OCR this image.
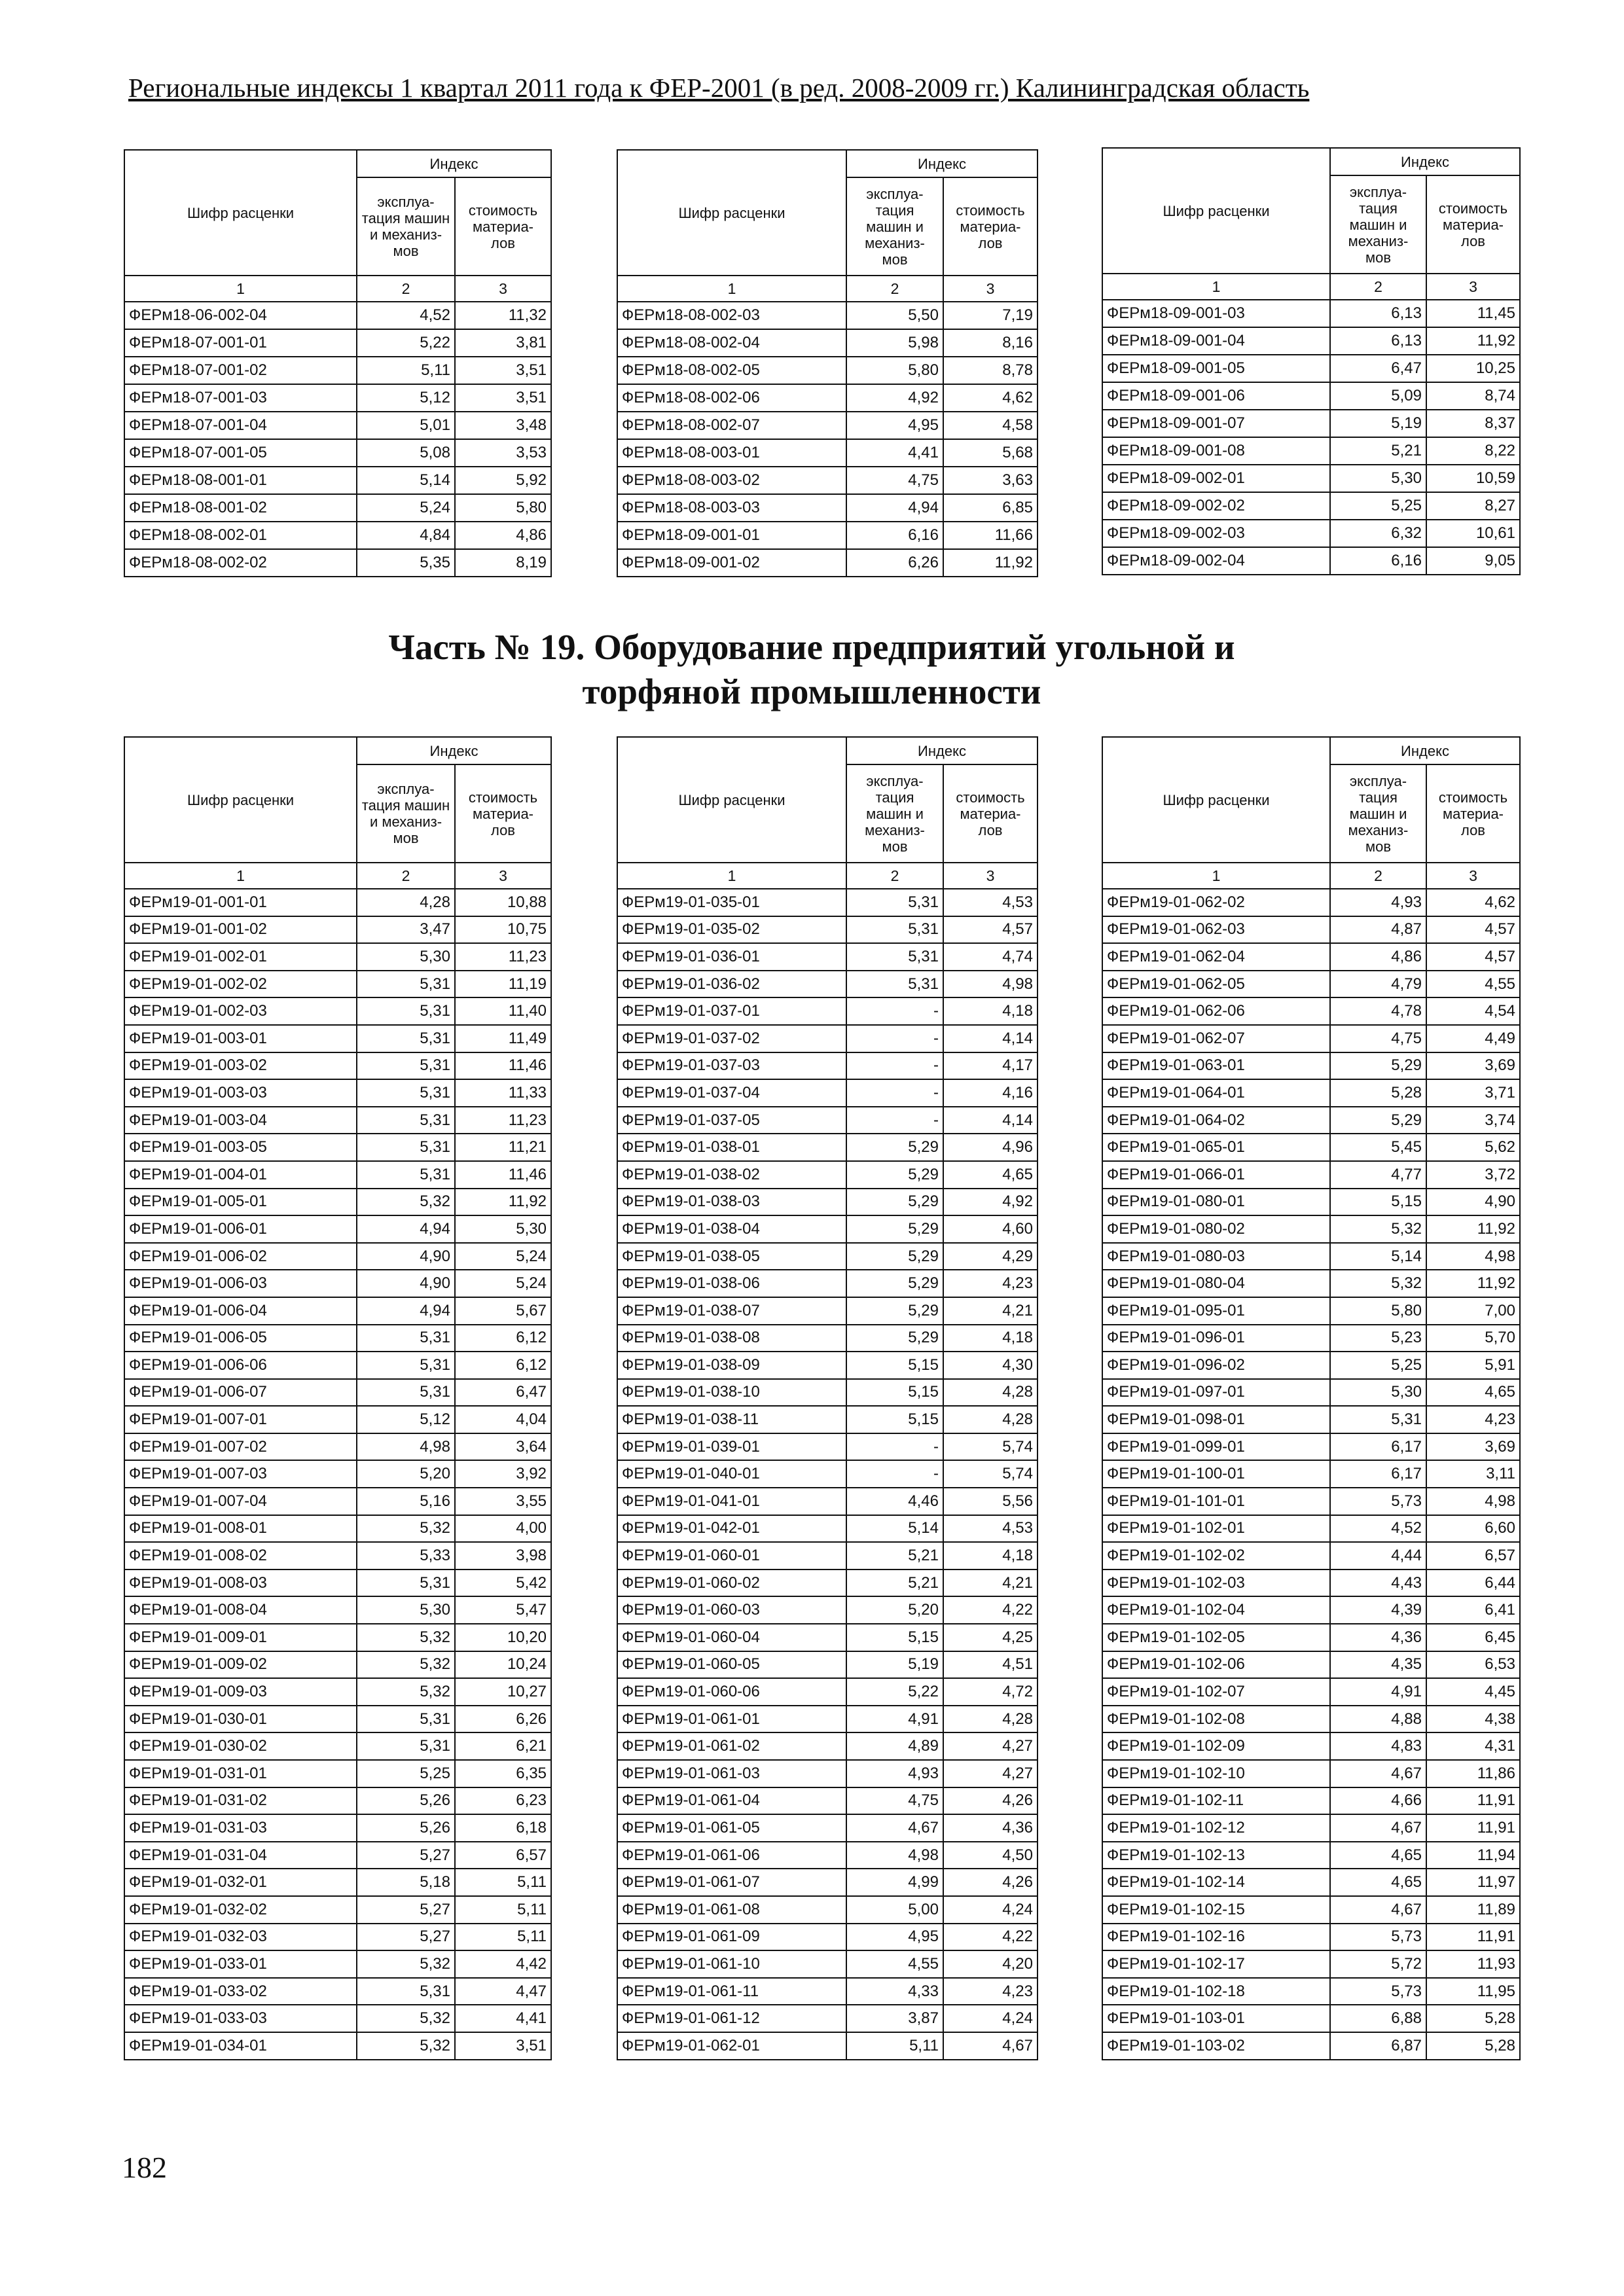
Региональные индексы 1 квартал 2011 года к ФЕР-2001 (в ред. 2008-2009 гг.) Калининградская область
Шифр расценки	Индекс	
	эксплуа- тация машин и механиз- мов	стоимость материа- лов
1	2	3
ФЕРм18-06-002-04	4,52	11,32
ФЕРм18-07-001-01	5,22	3,81
ФЕРм18-07-001-02	5,11	3,51
ФЕРм18-07-001-03	5,12	3,51
ФЕРм18-07-001-04	5,01	3,48
ФЕРм18-07-001-05	5,08	3,53
ФЕРм18-08-001-01	5,14	5,92
ФЕРм18-08-001-02	5,24	5,80
ФЕРм18-08-002-01	4,84	4,86
ФЕРм18-08-002-02	5,35	8,19
Шифр расценки	Индекс	
	эксплуа- тация машин и механиз- мов	стоимость материа- лов
1	2	3
ФЕРм18-08-002-03	5,50	7,19
ФЕРм18-08-002-04	5,98	8,16
ФЕРм18-08-002-05	5,80	8,78
ФЕРм18-08-002-06	4,92	4,62
ФЕРм18-08-002-07	4,95	4,58
ФЕРм18-08-003-01	4,41	5,68
ФЕРм18-08-003-02	4,75	3,63
ФЕРм18-08-003-03	4,94	6,85
ФЕРм18-09-001-01	6,16	11,66
ФЕРм18-09-001-02	6,26	11,92
Шифр расценки	Индекс	
	эксплуа- тация машин и механиз- мов	стоимость материа- лов
1	2	3
ФЕРм18-09-001-03	6,13	11,45
ФЕРм18-09-001-04	6,13	11,92
ФЕРм18-09-001-05	6,47	10,25
ФЕРм18-09-001-06	5,09	8,74
ФЕРм18-09-001-07	5,19	8,37
ФЕРм18-09-001-08	5,21	8,22
ФЕРм18-09-002-01	5,30	10,59
ФЕРм18-09-002-02	5,25	8,27
ФЕРм18-09-002-03	6,32	10,61
ФЕРм18-09-002-04	6,16	9,05
Часть № 19. Оборудование предприятий угольной и
торфяной промышленности
Шифр расценки	Индекс	
	эксплуа- тация машин и механиз- мов	стоимость материа- лов
1	2	3
ФЕРм19-01-001-01	4,28	10,88
ФЕРм19-01-001-02	3,47	10,75
ФЕРм19-01-002-01	5,30	11,23
ФЕРм19-01-002-02	5,31	11,19
ФЕРм19-01-002-03	5,31	11,40
ФЕРм19-01-003-01	5,31	11,49
ФЕРм19-01-003-02	5,31	11,46
ФЕРм19-01-003-03	5,31	11,33
ФЕРм19-01-003-04	5,31	11,23
ФЕРм19-01-003-05	5,31	11,21
ФЕРм19-01-004-01	5,31	11,46
ФЕРм19-01-005-01	5,32	11,92
ФЕРм19-01-006-01	4,94	5,30
ФЕРм19-01-006-02	4,90	5,24
ФЕРм19-01-006-03	4,90	5,24
ФЕРм19-01-006-04	4,94	5,67
ФЕРм19-01-006-05	5,31	6,12
ФЕРм19-01-006-06	5,31	6,12
ФЕРм19-01-006-07	5,31	6,47
ФЕРм19-01-007-01	5,12	4,04
ФЕРм19-01-007-02	4,98	3,64
ФЕРм19-01-007-03	5,20	3,92
ФЕРм19-01-007-04	5,16	3,55
ФЕРм19-01-008-01	5,32	4,00
ФЕРм19-01-008-02	5,33	3,98
ФЕРм19-01-008-03	5,31	5,42
ФЕРм19-01-008-04	5,30	5,47
ФЕРм19-01-009-01	5,32	10,20
ФЕРм19-01-009-02	5,32	10,24
ФЕРм19-01-009-03	5,32	10,27
ФЕРм19-01-030-01	5,31	6,26
ФЕРм19-01-030-02	5,31	6,21
ФЕРм19-01-031-01	5,25	6,35
ФЕРм19-01-031-02	5,26	6,23
ФЕРм19-01-031-03	5,26	6,18
ФЕРм19-01-031-04	5,27	6,57
ФЕРм19-01-032-01	5,18	5,11
ФЕРм19-01-032-02	5,27	5,11
ФЕРм19-01-032-03	5,27	5,11
ФЕРм19-01-033-01	5,32	4,42
ФЕРм19-01-033-02	5,31	4,47
ФЕРм19-01-033-03	5,32	4,41
ФЕРм19-01-034-01	5,32	3,51
Шифр расценки	Индекс	
	эксплуа- тация машин и механиз- мов	стоимость материа- лов
1	2	3
ФЕРм19-01-035-01	5,31	4,53
ФЕРм19-01-035-02	5,31	4,57
ФЕРм19-01-036-01	5,31	4,74
ФЕРм19-01-036-02	5,31	4,98
ФЕРм19-01-037-01	-	4,18
ФЕРм19-01-037-02	-	4,14
ФЕРм19-01-037-03	-	4,17
ФЕРм19-01-037-04	-	4,16
ФЕРм19-01-037-05	-	4,14
ФЕРм19-01-038-01	5,29	4,96
ФЕРм19-01-038-02	5,29	4,65
ФЕРм19-01-038-03	5,29	4,92
ФЕРм19-01-038-04	5,29	4,60
ФЕРм19-01-038-05	5,29	4,29
ФЕРм19-01-038-06	5,29	4,23
ФЕРм19-01-038-07	5,29	4,21
ФЕРм19-01-038-08	5,29	4,18
ФЕРм19-01-038-09	5,15	4,30
ФЕРм19-01-038-10	5,15	4,28
ФЕРм19-01-038-11	5,15	4,28
ФЕРм19-01-039-01	-	5,74
ФЕРм19-01-040-01	-	5,74
ФЕРм19-01-041-01	4,46	5,56
ФЕРм19-01-042-01	5,14	4,53
ФЕРм19-01-060-01	5,21	4,18
ФЕРм19-01-060-02	5,21	4,21
ФЕРм19-01-060-03	5,20	4,22
ФЕРм19-01-060-04	5,15	4,25
ФЕРм19-01-060-05	5,19	4,51
ФЕРм19-01-060-06	5,22	4,72
ФЕРм19-01-061-01	4,91	4,28
ФЕРм19-01-061-02	4,89	4,27
ФЕРм19-01-061-03	4,93	4,27
ФЕРм19-01-061-04	4,75	4,26
ФЕРм19-01-061-05	4,67	4,36
ФЕРм19-01-061-06	4,98	4,50
ФЕРм19-01-061-07	4,99	4,26
ФЕРм19-01-061-08	5,00	4,24
ФЕРм19-01-061-09	4,95	4,22
ФЕРм19-01-061-10	4,55	4,20
ФЕРм19-01-061-11	4,33	4,23
ФЕРм19-01-061-12	3,87	4,24
ФЕРм19-01-062-01	5,11	4,67
Шифр расценки	Индекс	
	эксплуа- тация машин и механиз- мов	стоимость материа- лов
1	2	3
ФЕРм19-01-062-02	4,93	4,62
ФЕРм19-01-062-03	4,87	4,57
ФЕРм19-01-062-04	4,86	4,57
ФЕРм19-01-062-05	4,79	4,55
ФЕРм19-01-062-06	4,78	4,54
ФЕРм19-01-062-07	4,75	4,49
ФЕРм19-01-063-01	5,29	3,69
ФЕРм19-01-064-01	5,28	3,71
ФЕРм19-01-064-02	5,29	3,74
ФЕРм19-01-065-01	5,45	5,62
ФЕРм19-01-066-01	4,77	3,72
ФЕРм19-01-080-01	5,15	4,90
ФЕРм19-01-080-02	5,32	11,92
ФЕРм19-01-080-03	5,14	4,98
ФЕРм19-01-080-04	5,32	11,92
ФЕРм19-01-095-01	5,80	7,00
ФЕРм19-01-096-01	5,23	5,70
ФЕРм19-01-096-02	5,25	5,91
ФЕРм19-01-097-01	5,30	4,65
ФЕРм19-01-098-01	5,31	4,23
ФЕРм19-01-099-01	6,17	3,69
ФЕРм19-01-100-01	6,17	3,11
ФЕРм19-01-101-01	5,73	4,98
ФЕРм19-01-102-01	4,52	6,60
ФЕРм19-01-102-02	4,44	6,57
ФЕРм19-01-102-03	4,43	6,44
ФЕРм19-01-102-04	4,39	6,41
ФЕРм19-01-102-05	4,36	6,45
ФЕРм19-01-102-06	4,35	6,53
ФЕРм19-01-102-07	4,91	4,45
ФЕРм19-01-102-08	4,88	4,38
ФЕРм19-01-102-09	4,83	4,31
ФЕРм19-01-102-10	4,67	11,86
ФЕРм19-01-102-11	4,66	11,91
ФЕРм19-01-102-12	4,67	11,91
ФЕРм19-01-102-13	4,65	11,94
ФЕРм19-01-102-14	4,65	11,97
ФЕРм19-01-102-15	4,67	11,89
ФЕРм19-01-102-16	5,73	11,91
ФЕРм19-01-102-17	5,72	11,93
ФЕРм19-01-102-18	5,73	11,95
ФЕРм19-01-103-01	6,88	5,28
ФЕРм19-01-103-02	6,87	5,28
182
